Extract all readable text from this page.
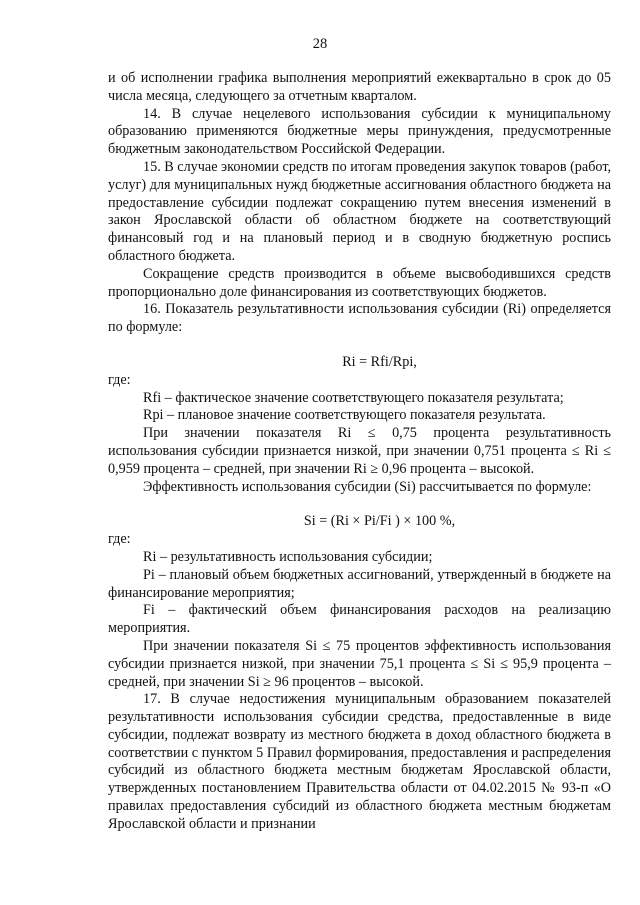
28

и об исполнении графика выполнения мероприятий ежеквартально в срок до 05 числа месяца, следующего за отчетным кварталом.

14. В случае нецелевого использования субсидии к муниципальному образованию применяются бюджетные меры принуждения, предусмотренные бюджетным законодательством Российской Федерации.

15. В случае экономии средств по итогам проведения закупок товаров (работ, услуг) для муниципальных нужд бюджетные ассигнования областного бюджета на предоставление субсидии подлежат сокращению путем внесения изменений в закон Ярославской области об областном бюджете на соответствующий финансовый год и на плановый период и в сводную бюджетную роспись областного бюджета.

Сокращение средств производится в объеме высвободившихся средств пропорционально доле финансирования из соответствующих бюджетов.

16. Показатель результативности использования субсидии (Ri) определяется по формуле:

Ri = Rfi/Rpi,

где:

Rfi – фактическое значение соответствующего показателя результата;

Rpi – плановое значение соответствующего показателя результата.

При значении показателя Ri ≤ 0,75 процента результативность использования субсидии признается низкой, при значении 0,751 процента ≤ Ri ≤ 0,959 процента – средней, при значении Ri ≥ 0,96 процента – высокой.

Эффективность использования субсидии (Si) рассчитывается по формуле:

Si = (Ri × Pi/Fi ) × 100 %,

где:

Ri – результативность использования субсидии;

Pi – плановый объем бюджетных ассигнований, утвержденный в бюджете на финансирование мероприятия;

Fi – фактический объем финансирования расходов на реализацию мероприятия.

При значении показателя Si ≤ 75 процентов эффективность использования субсидии признается низкой, при значении 75,1 процента ≤ Si ≤ 95,9 процента – средней, при значении Si ≥ 96 процентов – высокой.

17. В случае недостижения муниципальным образованием показателей результативности использования субсидии средства, предоставленные в виде субсидии, подлежат возврату из местного бюджета в доход областного бюджета в соответствии с пунктом 5 Правил формирования, предоставления и распределения субсидий из областного бюджета местным бюджетам Ярославской области, утвержденных постановлением Правительства области от 04.02.2015 № 93-п «О правилах предоставления субсидий из областного бюджета местным бюджетам Ярославской области и признании
